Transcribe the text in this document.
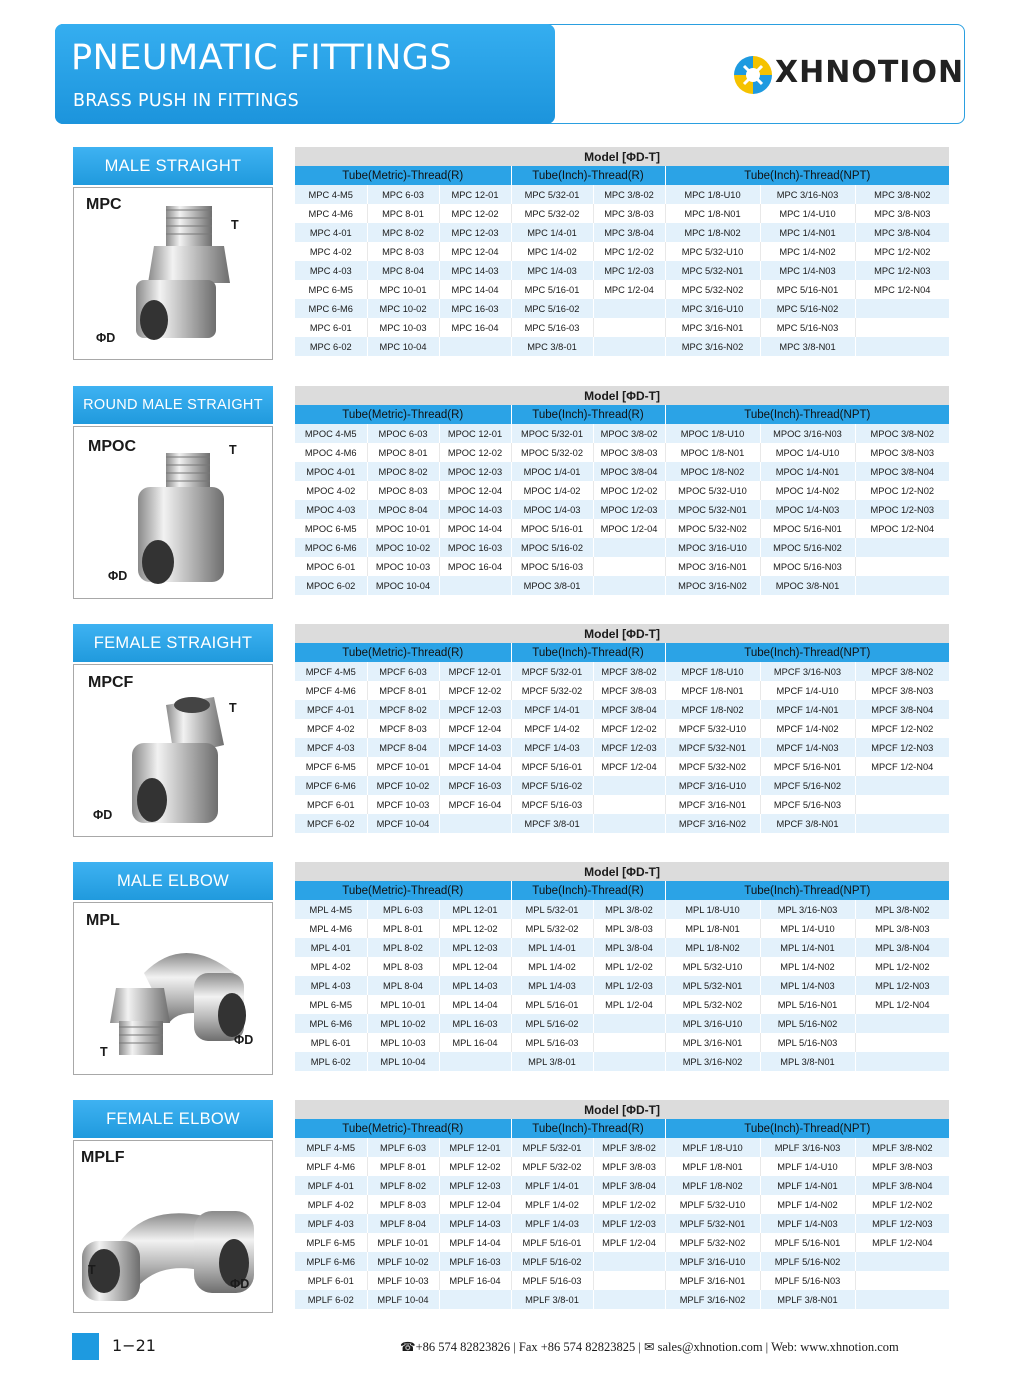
PNEUMATIC FITTINGS
BRASS PUSH IN FITTINGS
XHNOTION
MALE STRAIGHT
MPC
T
ΦD
Model [ΦD-T]							
Tube(Metric)-Thread(R)			Tube(Inch)-Thread(R)		Tube(Inch)-Thread(NPT)		
MPC 4-M5	MPC 6-03	MPC 12-01	MPC 5/32-01	MPC 3/8-02	MPC 1/8-U10	MPC 3/16-N03	MPC 3/8-N02
MPC 4-M6	MPC 8-01	MPC 12-02	MPC 5/32-02	MPC 3/8-03	MPC 1/8-N01	MPC 1/4-U10	MPC 3/8-N03
MPC 4-01	MPC 8-02	MPC 12-03	MPC 1/4-01	MPC 3/8-04	MPC 1/8-N02	MPC 1/4-N01	MPC 3/8-N04
MPC 4-02	MPC 8-03	MPC 12-04	MPC 1/4-02	MPC 1/2-02	MPC 5/32-U10	MPC 1/4-N02	MPC 1/2-N02
MPC 4-03	MPC 8-04	MPC 14-03	MPC 1/4-03	MPC 1/2-03	MPC 5/32-N01	MPC 1/4-N03	MPC 1/2-N03
MPC 6-M5	MPC 10-01	MPC 14-04	MPC 5/16-01	MPC 1/2-04	MPC 5/32-N02	MPC 5/16-N01	MPC 1/2-N04
MPC 6-M6	MPC 10-02	MPC 16-03	MPC 5/16-02		MPC 3/16-U10	MPC 5/16-N02	
MPC 6-01	MPC 10-03	MPC 16-04	MPC 5/16-03		MPC 3/16-N01	MPC 5/16-N03	
MPC 6-02	MPC 10-04		MPC 3/8-01		MPC 3/16-N02	MPC 3/8-N01	
ROUND MALE STRAIGHT
MPOC	T
ΦD
Model [ΦD-T]							
Tube(Metric)-Thread(R)			Tube(Inch)-Thread(R)		Tube(Inch)-Thread(NPT)		
MPOC 4-M5	MPOC 6-03	MPOC 12-01	MPOC 5/32-01	MPOC 3/8-02	MPOC 1/8-U10	MPOC 3/16-N03	MPOC 3/8-N02
MPOC 4-M6	MPOC 8-01	MPOC 12-02	MPOC 5/32-02	MPOC 3/8-03	MPOC 1/8-N01	MPOC 1/4-U10	MPOC 3/8-N03
MPOC 4-01	MPOC 8-02	MPOC 12-03	MPOC 1/4-01	MPOC 3/8-04	MPOC 1/8-N02	MPOC 1/4-N01	MPOC 3/8-N04
MPOC 4-02	MPOC 8-03	MPOC 12-04	MPOC 1/4-02	MPOC 1/2-02	MPOC 5/32-U10	MPOC 1/4-N02	MPOC 1/2-N02
MPOC 4-03	MPOC 8-04	MPOC 14-03	MPOC 1/4-03	MPOC 1/2-03	MPOC 5/32-N01	MPOC 1/4-N03	MPOC 1/2-N03
MPOC 6-M5	MPOC 10-01	MPOC 14-04	MPOC 5/16-01	MPOC 1/2-04	MPOC 5/32-N02	MPOC 5/16-N01	MPOC 1/2-N04
MPOC 6-M6	MPOC 10-02	MPOC 16-03	MPOC 5/16-02		MPOC 3/16-U10	MPOC 5/16-N02	
MPOC 6-01	MPOC 10-03	MPOC 16-04	MPOC 5/16-03		MPOC 3/16-N01	MPOC 5/16-N03	
MPOC 6-02	MPOC 10-04		MPOC 3/8-01		MPOC 3/16-N02	MPOC 3/8-N01	
FEMALE STRAIGHT
MPCF
T
ΦD
Model [ΦD-T]							
Tube(Metric)-Thread(R)			Tube(Inch)-Thread(R)		Tube(Inch)-Thread(NPT)		
MPCF 4-M5	MPCF 6-03	MPCF 12-01	MPCF 5/32-01	MPCF 3/8-02	MPCF 1/8-U10	MPCF 3/16-N03	MPCF 3/8-N02
MPCF 4-M6	MPCF 8-01	MPCF 12-02	MPCF 5/32-02	MPCF 3/8-03	MPCF 1/8-N01	MPCF 1/4-U10	MPCF 3/8-N03
MPCF 4-01	MPCF 8-02	MPCF 12-03	MPCF 1/4-01	MPCF 3/8-04	MPCF 1/8-N02	MPCF 1/4-N01	MPCF 3/8-N04
MPCF 4-02	MPCF 8-03	MPCF 12-04	MPCF 1/4-02	MPCF 1/2-02	MPCF 5/32-U10	MPCF 1/4-N02	MPCF 1/2-N02
MPCF 4-03	MPCF 8-04	MPCF 14-03	MPCF 1/4-03	MPCF 1/2-03	MPCF 5/32-N01	MPCF 1/4-N03	MPCF 1/2-N03
MPCF 6-M5	MPCF 10-01	MPCF 14-04	MPCF 5/16-01	MPCF 1/2-04	MPCF 5/32-N02	MPCF 5/16-N01	MPCF 1/2-N04
MPCF 6-M6	MPCF 10-02	MPCF 16-03	MPCF 5/16-02		MPCF 3/16-U10	MPCF 5/16-N02	
MPCF 6-01	MPCF 10-03	MPCF 16-04	MPCF 5/16-03		MPCF 3/16-N01	MPCF 5/16-N03	
MPCF 6-02	MPCF 10-04		MPCF 3/8-01		MPCF 3/16-N02	MPCF 3/8-N01	
MALE ELBOW
MPL
T
ΦD
Model [ΦD-T]							
Tube(Metric)-Thread(R)			Tube(Inch)-Thread(R)		Tube(Inch)-Thread(NPT)		
MPL 4-M5	MPL 6-03	MPL 12-01	MPL 5/32-01	MPL 3/8-02	MPL 1/8-U10	MPL 3/16-N03	MPL 3/8-N02
MPL 4-M6	MPL 8-01	MPL 12-02	MPL 5/32-02	MPL 3/8-03	MPL 1/8-N01	MPL 1/4-U10	MPL 3/8-N03
MPL 4-01	MPL 8-02	MPL 12-03	MPL 1/4-01	MPL 3/8-04	MPL 1/8-N02	MPL 1/4-N01	MPL 3/8-N04
MPL 4-02	MPL 8-03	MPL 12-04	MPL 1/4-02	MPL 1/2-02	MPL 5/32-U10	MPL 1/4-N02	MPL 1/2-N02
MPL 4-03	MPL 8-04	MPL 14-03	MPL 1/4-03	MPL 1/2-03	MPL 5/32-N01	MPL 1/4-N03	MPL 1/2-N03
MPL 6-M5	MPL 10-01	MPL 14-04	MPL 5/16-01	MPL 1/2-04	MPL 5/32-N02	MPL 5/16-N01	MPL 1/2-N04
MPL 6-M6	MPL 10-02	MPL 16-03	MPL 5/16-02		MPL 3/16-U10	MPL 5/16-N02	
MPL 6-01	MPL 10-03	MPL 16-04	MPL 5/16-03		MPL 3/16-N01	MPL 5/16-N03	
MPL 6-02	MPL 10-04		MPL 3/8-01		MPL 3/16-N02	MPL 3/8-N01	
FEMALE ELBOW
MPLF
T
ΦD
Model [ΦD-T]							
Tube(Metric)-Thread(R)			Tube(Inch)-Thread(R)		Tube(Inch)-Thread(NPT)		
MPLF 4-M5	MPLF 6-03	MPLF 12-01	MPLF 5/32-01	MPLF 3/8-02	MPLF 1/8-U10	MPLF 3/16-N03	MPLF 3/8-N02
MPLF 4-M6	MPLF 8-01	MPLF 12-02	MPLF 5/32-02	MPLF 3/8-03	MPLF 1/8-N01	MPLF 1/4-U10	MPLF 3/8-N03
MPLF 4-01	MPLF 8-02	MPLF 12-03	MPLF 1/4-01	MPLF 3/8-04	MPLF 1/8-N02	MPLF 1/4-N01	MPLF 3/8-N04
MPLF 4-02	MPLF 8-03	MPLF 12-04	MPLF 1/4-02	MPLF 1/2-02	MPLF 5/32-U10	MPLF 1/4-N02	MPLF 1/2-N02
MPLF 4-03	MPLF 8-04	MPLF 14-03	MPLF 1/4-03	MPLF 1/2-03	MPLF 5/32-N01	MPLF 1/4-N03	MPLF 1/2-N03
MPLF 6-M5	MPLF 10-01	MPLF 14-04	MPLF 5/16-01	MPLF 1/2-04	MPLF 5/32-N02	MPLF 5/16-N01	MPLF 1/2-N04
MPLF 6-M6	MPLF 10-02	MPLF 16-03	MPLF 5/16-02		MPLF 3/16-U10	MPLF 5/16-N02	
MPLF 6-01	MPLF 10-03	MPLF 16-04	MPLF 5/16-03		MPLF 3/16-N01	MPLF 5/16-N03	
MPLF 6-02	MPLF 10-04		MPLF 3/8-01		MPLF 3/16-N02	MPLF 3/8-N01	
1−21	☎+86 574 82823826 | Fax +86 574 82823825 | ✉ sales@xhnotion.com | Web: www.xhnotion.com
